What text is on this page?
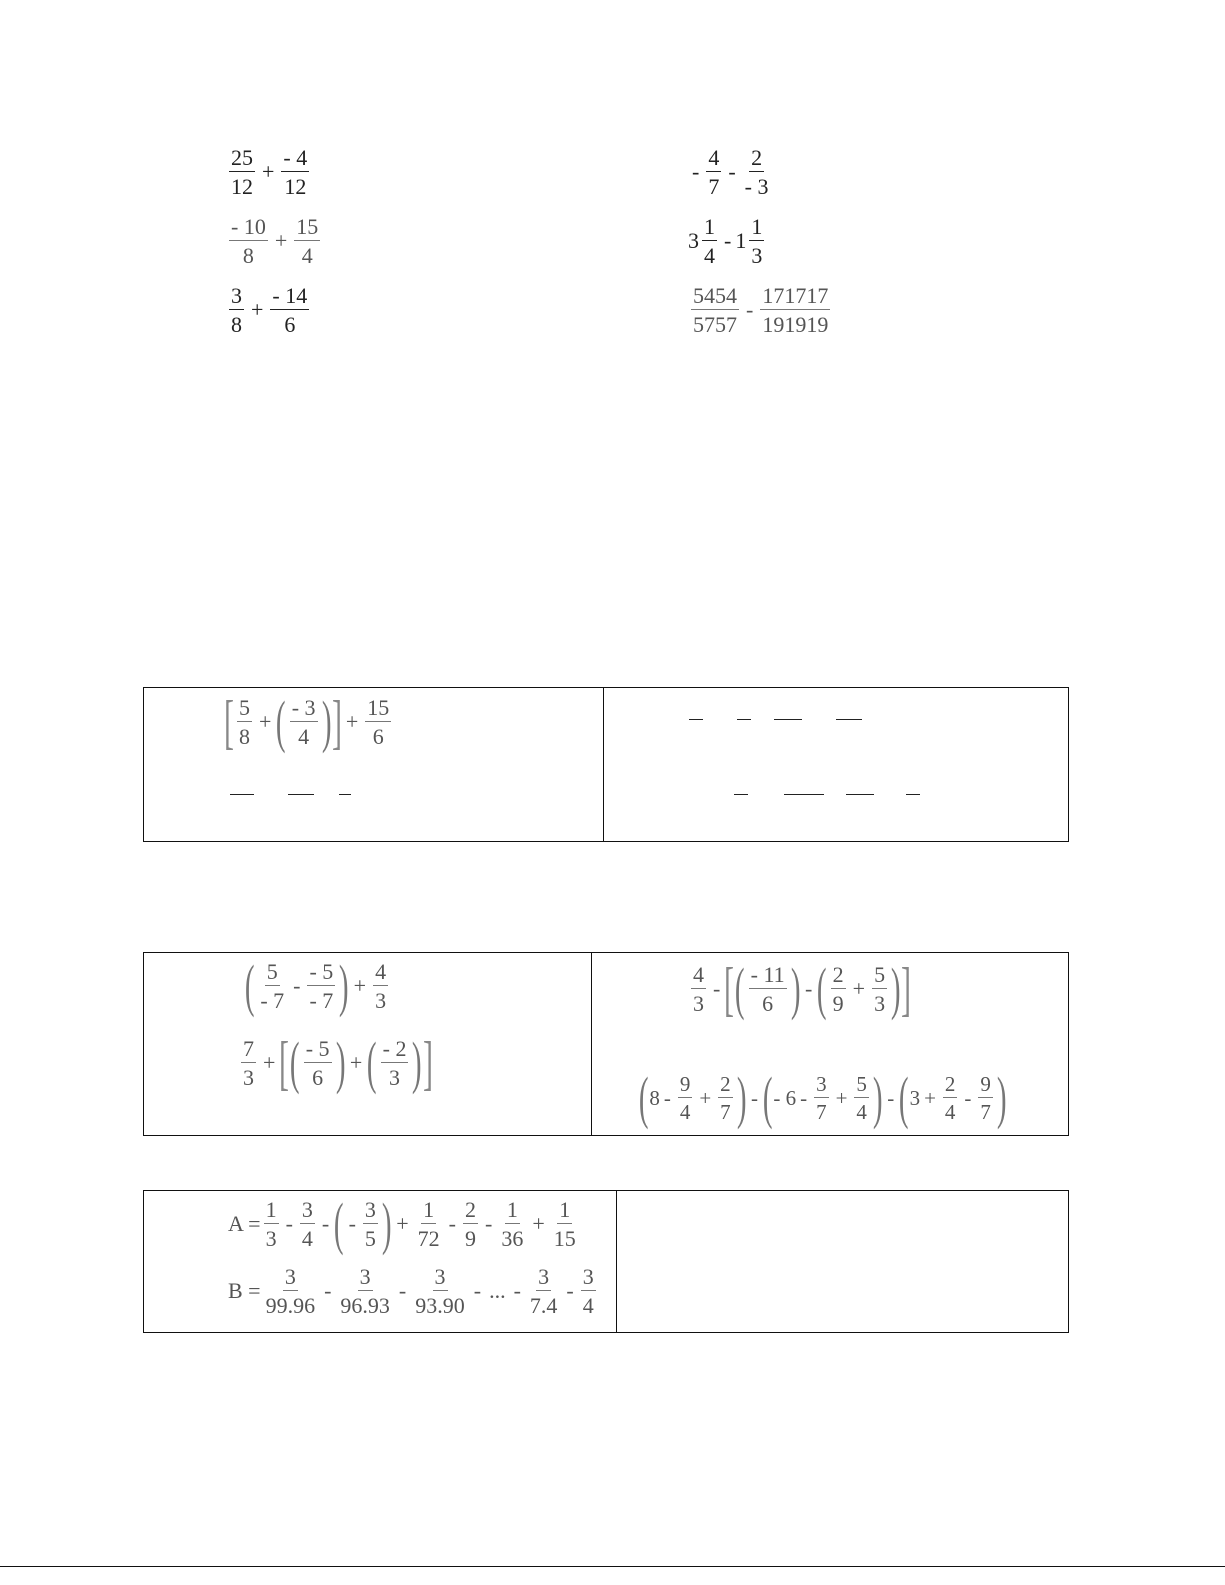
$\frac{25}{12} + \frac{- 4}{12}$
$\frac{- 10}{8} + \frac{15}{4}$
$\frac{3}{8} + \frac{- 14}{6}$
- $\frac{4}{7} - \frac{2}{- 3}$
$3 \frac{1}{4} - 1 \frac{1}{3}$
$\frac{5454}{5757} - \frac{171717}{191919}$
[ $\frac{5}{8}$ + ( $\frac{- 3}{4}$ ) ] + $\frac{15}{6}$
( $\frac{5}{- 7} - \frac{- 5}{- 7}$ ) + $\frac{4}{3}$
$\frac{7}{3}$ + [ ( $\frac{- 5}{6}$ ) + ( $\frac{- 2}{3}$ ) ]
$\frac{4}{3}$ - [ ( $\frac{- 11}{6}$ ) - ( $\frac{2}{9} + \frac{5}{3}$ ) ]
( $8 - \frac{9}{4} + \frac{2}{7}$ ) - ( - $6 - \frac{3}{7} + \frac{5}{4}$ ) - ( $3 + \frac{2}{4} - \frac{9}{7}$ )
$A = \frac{1}{3} - \frac{3}{4}$ - ( - $\frac{3}{5}$ ) + $\frac{1}{72} - \frac{2}{9} - \frac{1}{36} + \frac{1}{15}$
$B = \frac{3}{99.96} - \frac{3}{96.93} - \frac{3}{93.90}$ - ... - $\frac{3}{7.4} - \frac{3}{4}$
